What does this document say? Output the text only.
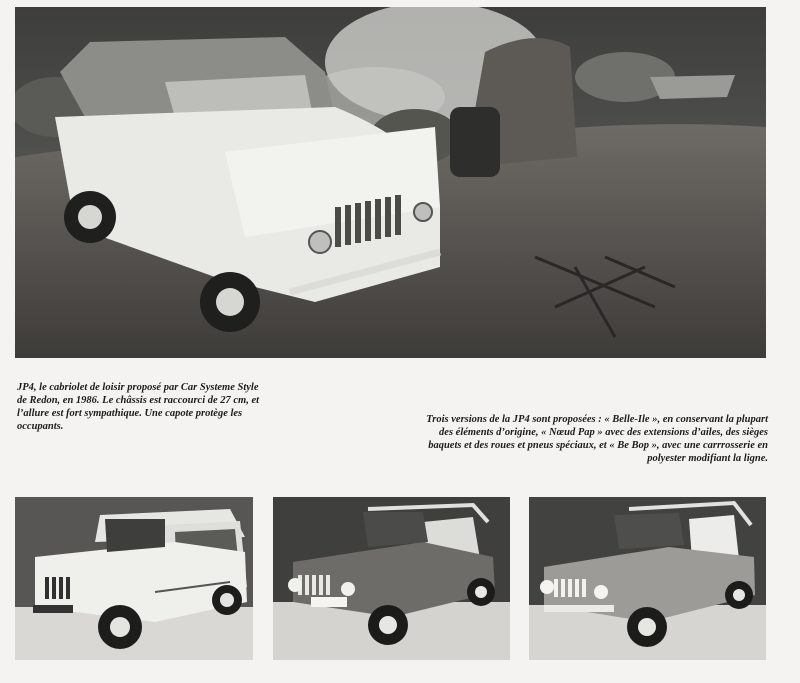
JP4, le cabriolet de loisir proposé par Car Systeme Style de Redon, en 1986. Le châssis est raccourci de 27 cm, et l’allure est fort sympathique. Une capote protège les occupants.
Trois versions de la JP4 sont proposées : « Belle-Ile », en conservant la plupart des éléments d’origine, « Nœud Pap » avec des extensions d’ailes, des sièges baquets et des roues et pneus spéciaux, et « Be Bop », avec une carrrosserie en polyester modifiant la ligne.
